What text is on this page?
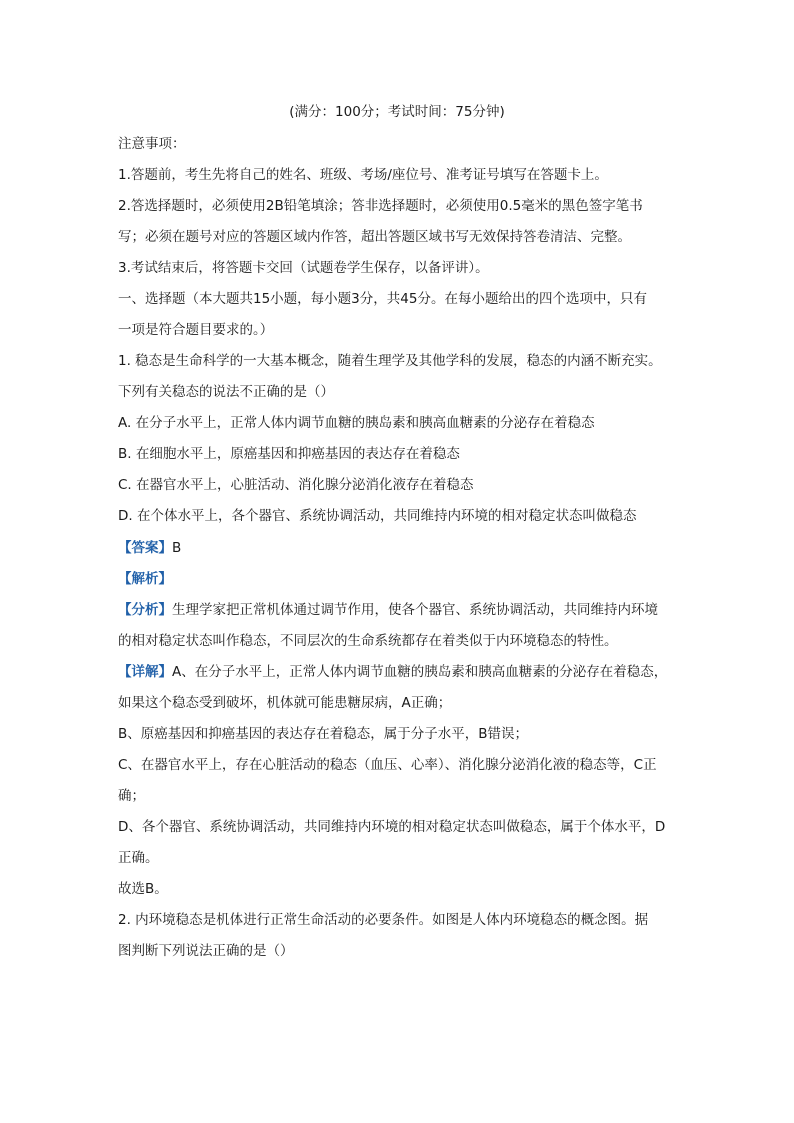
(满分：100分；考试时间：75分钟)
注意事项：
1.答题前，考生先将自己的姓名、班级、考场/座位号、准考证号填写在答题卡上。
2.答选择题时，必须使用2B铅笔填涂；答非选择题时，必须使用0.5毫米的黑色签字笔书
写；必须在题号对应的答题区域内作答，超出答题区域书写无效保持答卷清洁、完整。
3.考试结束后，将答题卡交回（试题卷学生保存，以备评讲）。
一、选择题（本大题共15小题，每小题3分，共45分。在每小题给出的四个选项中，只有
一项是符合题目要求的。）
1. 稳态是生命科学的一大基本概念，随着生理学及其他学科的发展，稳态的内涵不断充实。
下列有关稳态的说法不正确的是（）
A. 在分子水平上，正常人体内调节血糖的胰岛素和胰高血糖素的分泌存在着稳态
B. 在细胞水平上，原癌基因和抑癌基因的表达存在着稳态
C. 在器官水平上，心脏活动、消化腺分泌消化液存在着稳态
D. 在个体水平上，各个器官、系统协调活动，共同维持内环境的相对稳定状态叫做稳态
【答案】B
【解析】
【分析】生理学家把正常机体通过调节作用，使各个器官、系统协调活动，共同维持内环境
的相对稳定状态叫作稳态，不同层次的生命系统都存在着类似于内环境稳态的特性。
【详解】A、在分子水平上，正常人体内调节血糖的胰岛素和胰高血糖素的分泌存在着稳态，
如果这个稳态受到破坏，机体就可能患糖尿病，A正确；
B、原癌基因和抑癌基因的表达存在着稳态，属于分子水平，B错误；
C、在器官水平上，存在心脏活动的稳态（血压、心率）、消化腺分泌消化液的稳态等，C正
确；
D、各个器官、系统协调活动，共同维持内环境的相对稳定状态叫做稳态，属于个体水平，D
正确。
故选B。
2. 内环境稳态是机体进行正常生命活动的必要条件。如图是人体内环境稳态的概念图。据
图判断下列说法正确的是（）
